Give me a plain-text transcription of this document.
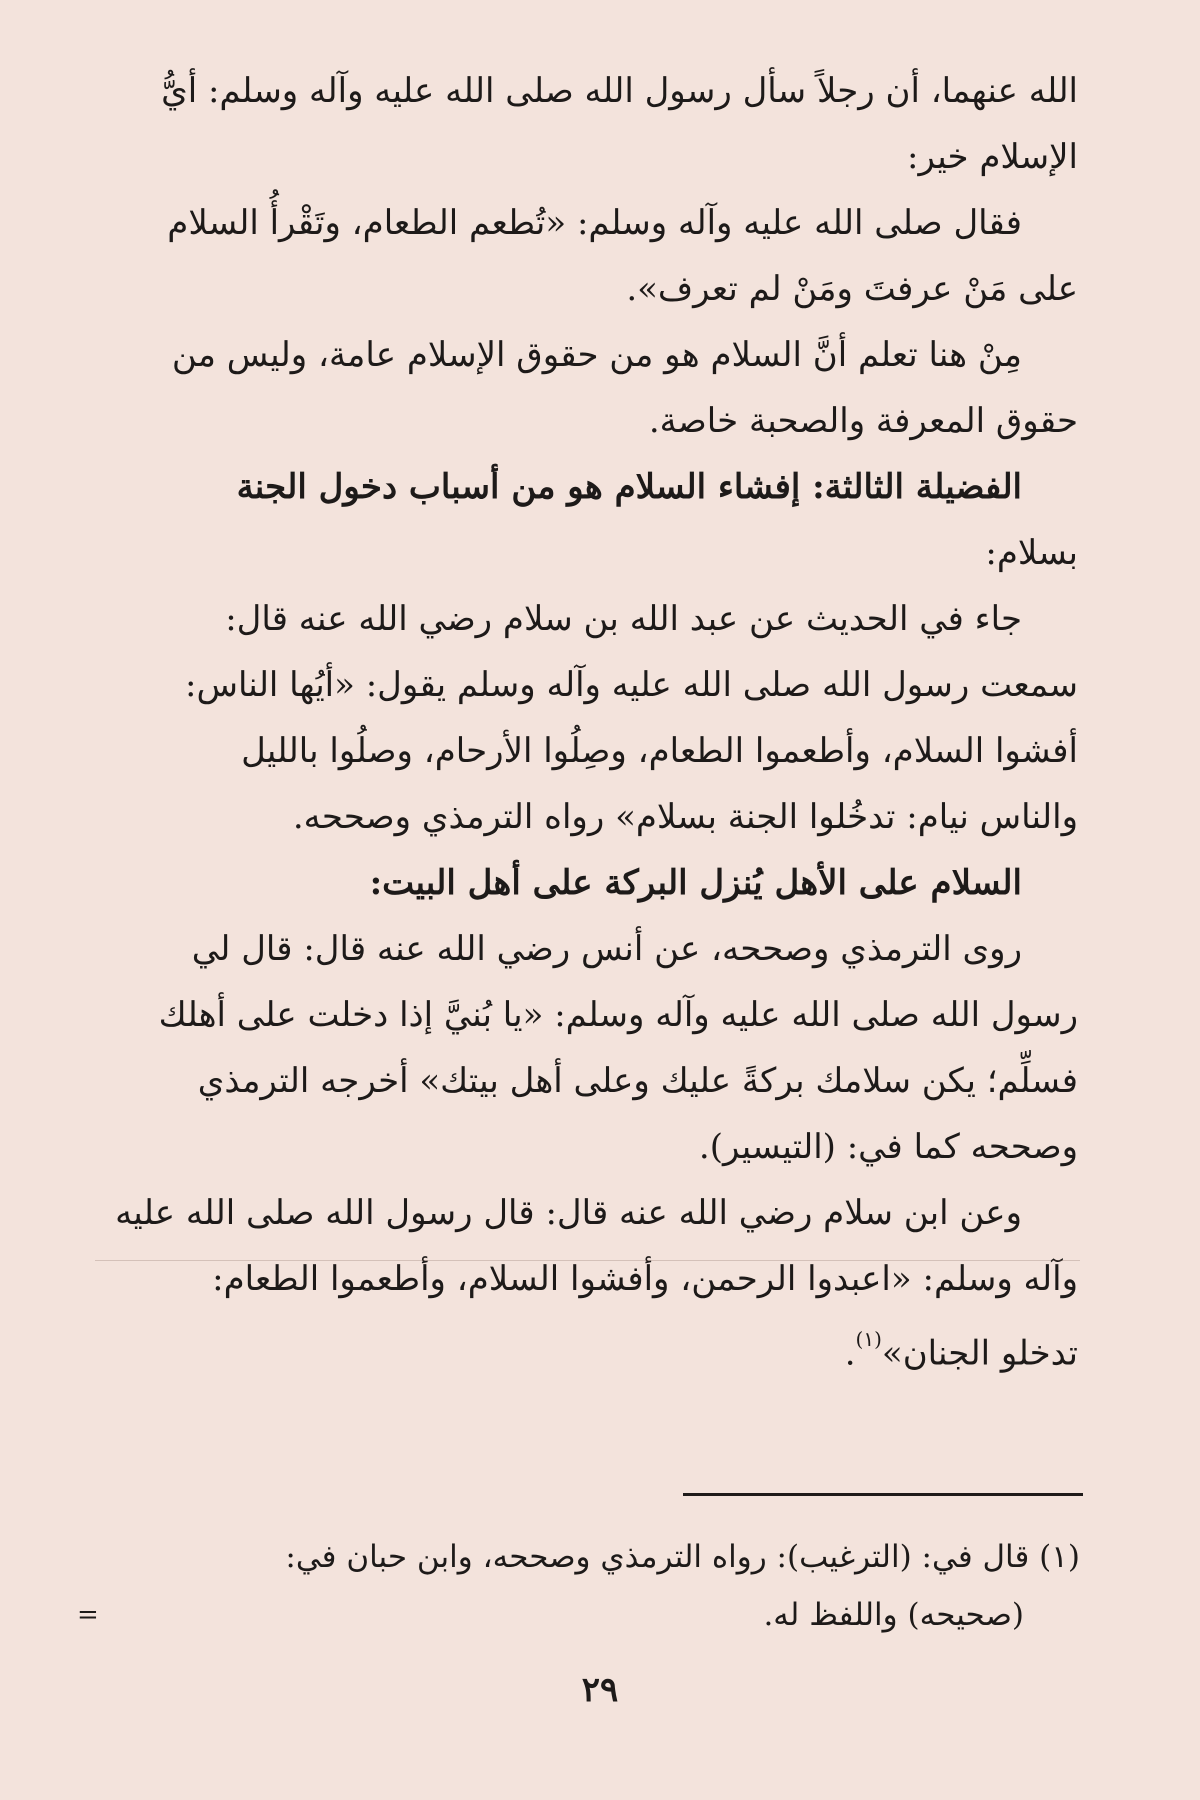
الله عنهما، أن رجلاً سأل رسول الله صلى الله عليه وآله وسلم: أيُّ
الإسلام خير:
فقال صلى الله عليه وآله وسلم: «تُطعم الطعام، وتَقْرأُ السلام
على مَنْ عرفتَ ومَنْ لم تعرف».
مِنْ هنا تعلم أنَّ السلام هو من حقوق الإسلام عامة، وليس من
حقوق المعرفة والصحبة خاصة.
الفضيلة الثالثة: إفشاء السلام هو من أسباب دخول الجنة
بسلام:
جاء في الحديث عن عبد الله بن سلام رضي الله عنه قال:
سمعت رسول الله صلى الله عليه وآله وسلم يقول: «أيُها الناس:
أفشوا السلام، وأطعموا الطعام، وصِلُوا الأرحام، وصلُوا بالليل
والناس نيام: تدخُلوا الجنة بسلام» رواه الترمذي وصححه.
السلام على الأهل يُنزل البركة على أهل البيت:
روى الترمذي وصححه، عن أنس رضي الله عنه قال: قال لي
رسول الله صلى الله عليه وآله وسلم: «يا بُنيَّ إذا دخلت على أهلك
فسلِّم؛ يكن سلامك بركةً عليك وعلى أهل بيتك» أخرجه الترمذي
وصححه كما في: (التيسير).
وعن ابن سلام رضي الله عنه قال: قال رسول الله صلى الله عليه
وآله وسلم: «اعبدوا الرحمن، وأفشوا السلام، وأطعموا الطعام:
تدخلو الجنان»$^{(١)}$.
(١) قال في: (الترغيب): رواه الترمذي وصححه، وابن حبان في:
(صحيحه) واللفظ له.
=
٢٩
